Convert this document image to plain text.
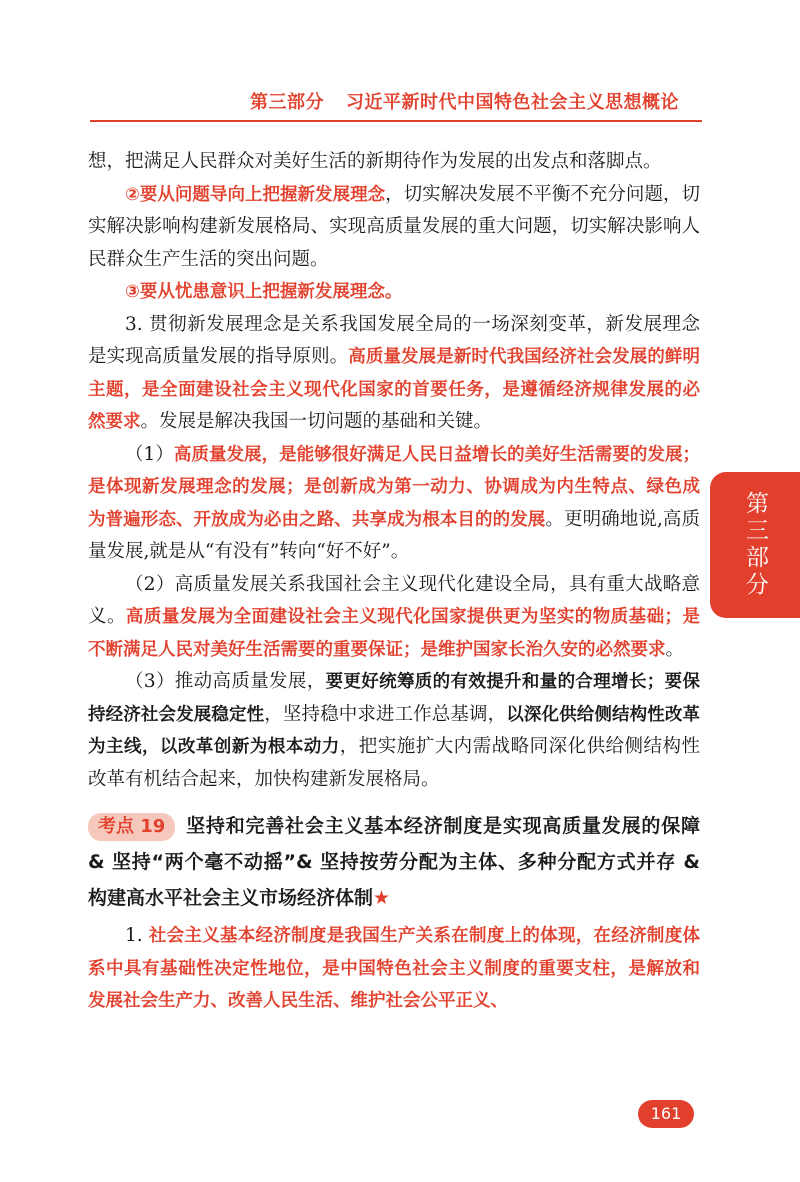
第三部分 习近平新时代中国特色社会主义思想概论

想，把满足人民群众对美好生活的新期待作为发展的出发点和落脚点。

②要从问题导向上把握新发展理念，切实解决发展不平衡不充分问题，切实解决影响构建新发展格局、实现高质量发展的重大问题，切实解决影响人民群众生产生活的突出问题。

③要从忧患意识上把握新发展理念。

3. 贯彻新发展理念是关系我国发展全局的一场深刻变革，新发展理念是实现高质量发展的指导原则。高质量发展是新时代我国经济社会发展的鲜明主题，是全面建设社会主义现代化国家的首要任务，是遵循经济规律发展的必然要求。发展是解决我国一切问题的基础和关键。

（1）高质量发展，是能够很好满足人民日益增长的美好生活需要的发展；是体现新发展理念的发展；是创新成为第一动力、协调成为内生特点、绿色成为普遍形态、开放成为必由之路、共享成为根本目的的发展。更明确地说,高质量发展,就是从“有没有”转向“好不好”。

（2）高质量发展关系我国社会主义现代化建设全局，具有重大战略意义。高质量发展为全面建设社会主义现代化国家提供更为坚实的物质基础；是不断满足人民对美好生活需要的重要保证；是维护国家长治久安的必然要求。

（3）推动高质量发展，要更好统筹质的有效提升和量的合理增长；要保持经济社会发展稳定性，坚持稳中求进工作总基调，以深化供给侧结构性改革为主线，以改革创新为根本动力，把实施扩大内需战略同深化供给侧结构性改革有机结合起来，加快构建新发展格局。

考点 19 坚持和完善社会主义基本经济制度是实现高质量发展的保障 & 坚持“两个毫不动摇”& 坚持按劳分配为主体、多种分配方式并存 & 构建高水平社会主义市场经济体制★

1. 社会主义基本经济制度是我国生产关系在制度上的体现，在经济制度体系中具有基础性决定性地位，是中国特色社会主义制度的重要支柱，是解放和发展社会生产力、改善人民生活、维护社会公平正义、

第三部分
161
